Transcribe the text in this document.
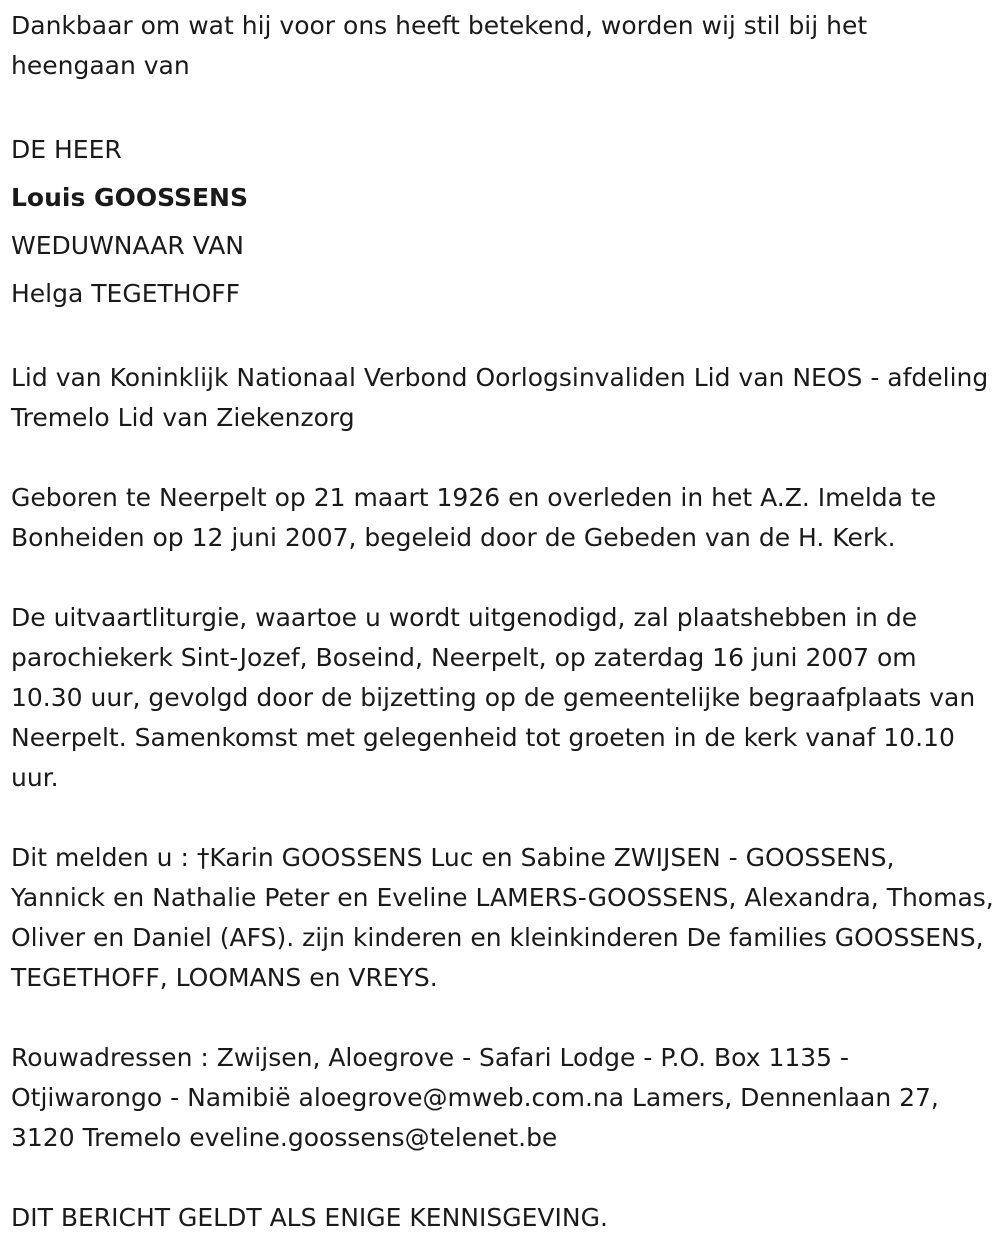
Dankbaar om wat hij voor ons heeft betekend, worden wij stil bij het heengaan van

DE HEER

Louis GOOSSENS

WEDUWNAAR VAN

Helga TEGETHOFF

Lid van Koninklijk Nationaal Verbond Oorlogsinvaliden Lid van NEOS - afdeling Tremelo Lid van Ziekenzorg

Geboren te Neerpelt op 21 maart 1926 en overleden in het A.Z. Imelda te Bonheiden op 12 juni 2007, begeleid door de Gebeden van de H. Kerk.

De uitvaartliturgie, waartoe u wordt uitgenodigd, zal plaatshebben in de parochiekerk Sint-Jozef, Boseind, Neerpelt, op zaterdag 16 juni 2007 om 10.30 uur, gevolgd door de bijzetting op de gemeentelijke begraafplaats van Neerpelt. Samenkomst met gelegenheid tot groeten in de kerk vanaf 10.10 uur.

Dit melden u : †Karin GOOSSENS Luc en Sabine ZWIJSEN - GOOSSENS, Yannick en Nathalie Peter en Eveline LAMERS-GOOSSENS, Alexandra, Thomas, Oliver en Daniel (AFS). zijn kinderen en kleinkinderen De families GOOSSENS, TEGETHOFF, LOOMANS en VREYS.

Rouwadressen : Zwijsen, Aloegrove - Safari Lodge - P.O. Box 1135 - Otjiwarongo - Namibië aloegrove@mweb.com.na Lamers, Dennenlaan 27, 3120 Tremelo eveline.goossens@telenet.be

DIT BERICHT GELDT ALS ENIGE KENNISGEVING.
